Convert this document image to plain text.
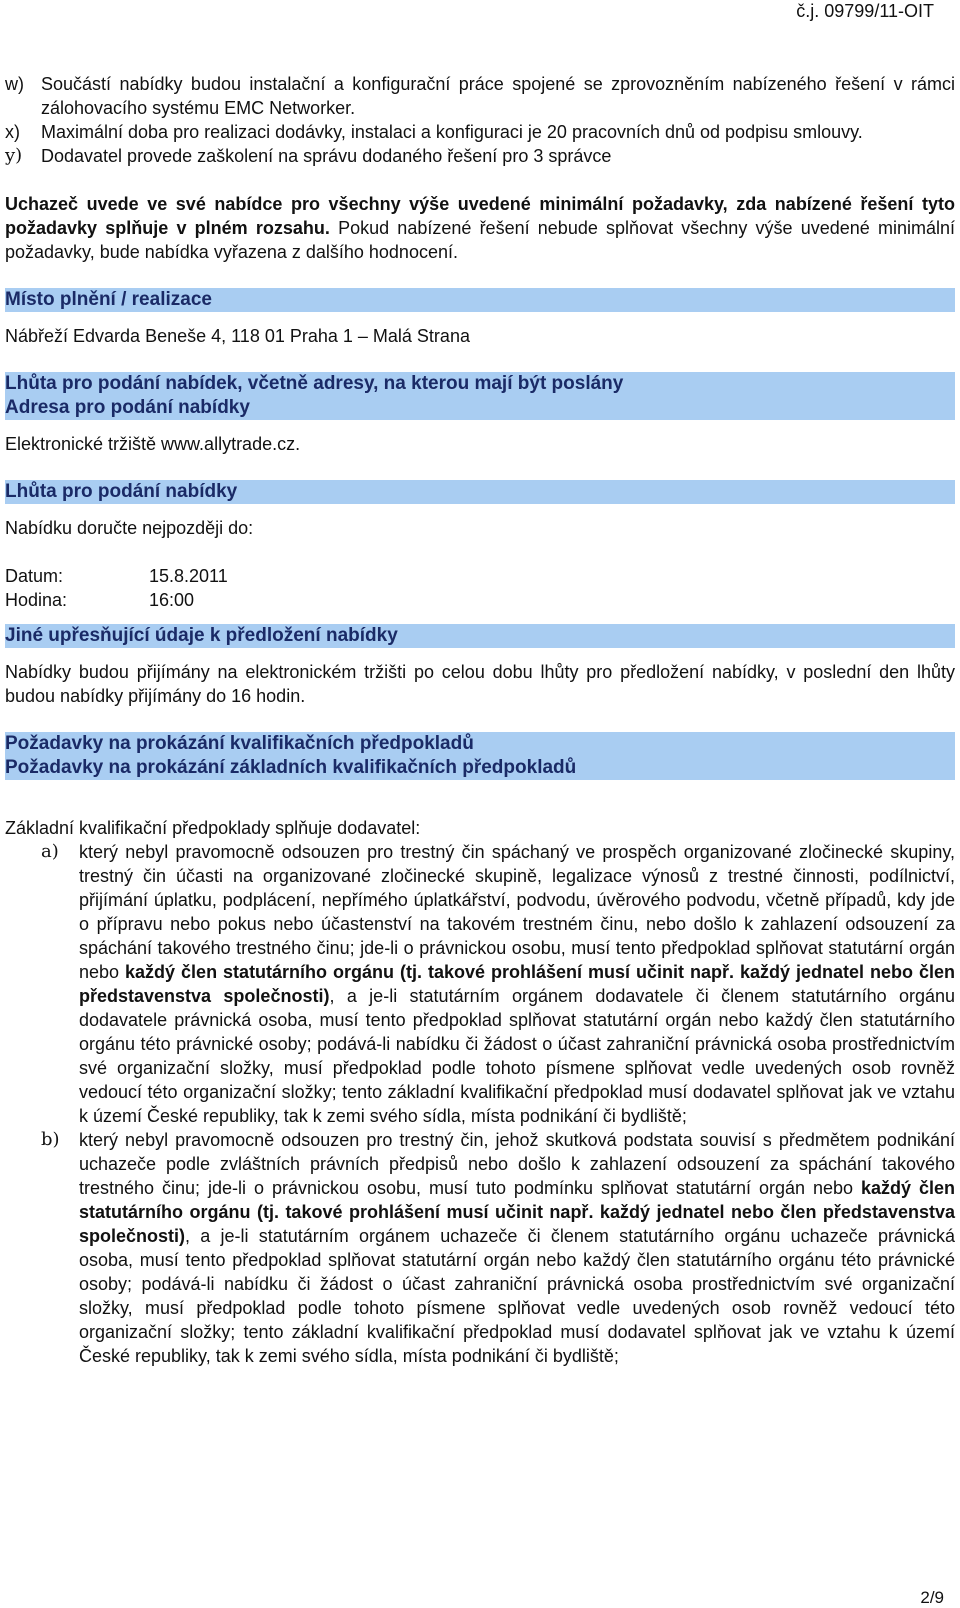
č.j. 09799/11-OIT
w) Součástí nabídky budou instalační a konfigurační práce spojené se zprovozněním nabízeného řešení v rámci zálohovacího systému EMC Networker.
x)	Maximální doba pro realizaci dodávky, instalaci a konfiguraci je 20 pracovních dnů od podpisu smlouvy.
y)	Dodavatel provede zaškolení na správu dodaného řešení pro 3 správce
Uchazeč uvede ve své nabídce pro všechny výše uvedené minimální požadavky, zda nabízené řešení tyto požadavky splňuje v plném rozsahu. Pokud nabízené řešení nebude splňovat všechny výše uvedené minimální požadavky, bude nabídka vyřazena z dalšího hodnocení.
Místo plnění / realizace
Nábřeží Edvarda Beneše 4, 118 01 Praha 1 – Malá Strana
Lhůta pro podání nabídek, včetně adresy, na kterou mají být poslány
Adresa pro podání nabídky
Elektronické tržiště www.allytrade.cz.
Lhůta pro podání nabídky
Nabídku doručte nejpozději do:
Datum:	15.8.2011
Hodina:	16:00
Jiné upřesňující údaje k předložení nabídky
Nabídky budou přijímány na elektronickém tržišti po celou dobu lhůty pro předložení nabídky, v poslední den lhůty budou nabídky přijímány do 16 hodin.
Požadavky na prokázání kvalifikačních předpokladů
Požadavky na prokázání základních kvalifikačních předpokladů
Základní kvalifikační předpoklady splňuje dodavatel:
a)	který nebyl pravomocně odsouzen pro trestný čin spáchaný ve prospěch organizované zločinecké skupiny, trestný čin účasti na organizované zločinecké skupině, legalizace výnosů z trestné činnosti, podílnictví, přijímání úplatku, podplácení, nepřímého úplatkářství, podvodu, úvěrového podvodu, včetně případů, kdy jde o přípravu nebo pokus nebo účastenství na takovém trestném činu, nebo došlo k zahlazení odsouzení za spáchání takového trestného činu; jde-li o právnickou osobu, musí tento předpoklad splňovat statutární orgán nebo každý člen statutárního orgánu (tj. takové prohlášení musí učinit např. každý jednatel nebo člen představenstva společnosti), a je-li statutárním orgánem dodavatele či členem statutárního orgánu dodavatele právnická osoba, musí tento předpoklad splňovat statutární orgán nebo každý člen statutárního orgánu této právnické osoby; podává-li nabídku či žádost o účast zahraniční právnická osoba prostřednictvím své organizační složky, musí předpoklad podle tohoto písmene splňovat vedle uvedených osob rovněž vedoucí této organizační složky; tento základní kvalifikační předpoklad musí dodavatel splňovat jak ve vztahu k území České republiky, tak k zemi svého sídla, místa podnikání či bydliště;
b)	který nebyl pravomocně odsouzen pro trestný čin, jehož skutková podstata souvisí s předmětem podnikání uchazeče podle zvláštních právních předpisů nebo došlo k zahlazení odsouzení za spáchání takového trestného činu; jde-li o právnickou osobu, musí tuto podmínku splňovat statutární orgán nebo každý člen statutárního orgánu (tj. takové prohlášení musí učinit např. každý jednatel nebo člen představenstva společnosti), a je-li statutárním orgánem uchazeče či členem statutárního orgánu uchazeče právnická osoba, musí tento předpoklad splňovat statutární orgán nebo každý člen statutárního orgánu této právnické osoby; podává-li nabídku či žádost o účast zahraniční právnická osoba prostřednictvím své organizační složky, musí předpoklad podle tohoto písmene splňovat vedle uvedených osob rovněž vedoucí této organizační složky; tento základní kvalifikační předpoklad musí dodavatel splňovat jak ve vztahu k území České republiky, tak k zemi svého sídla, místa podnikání či bydliště;
2/9
